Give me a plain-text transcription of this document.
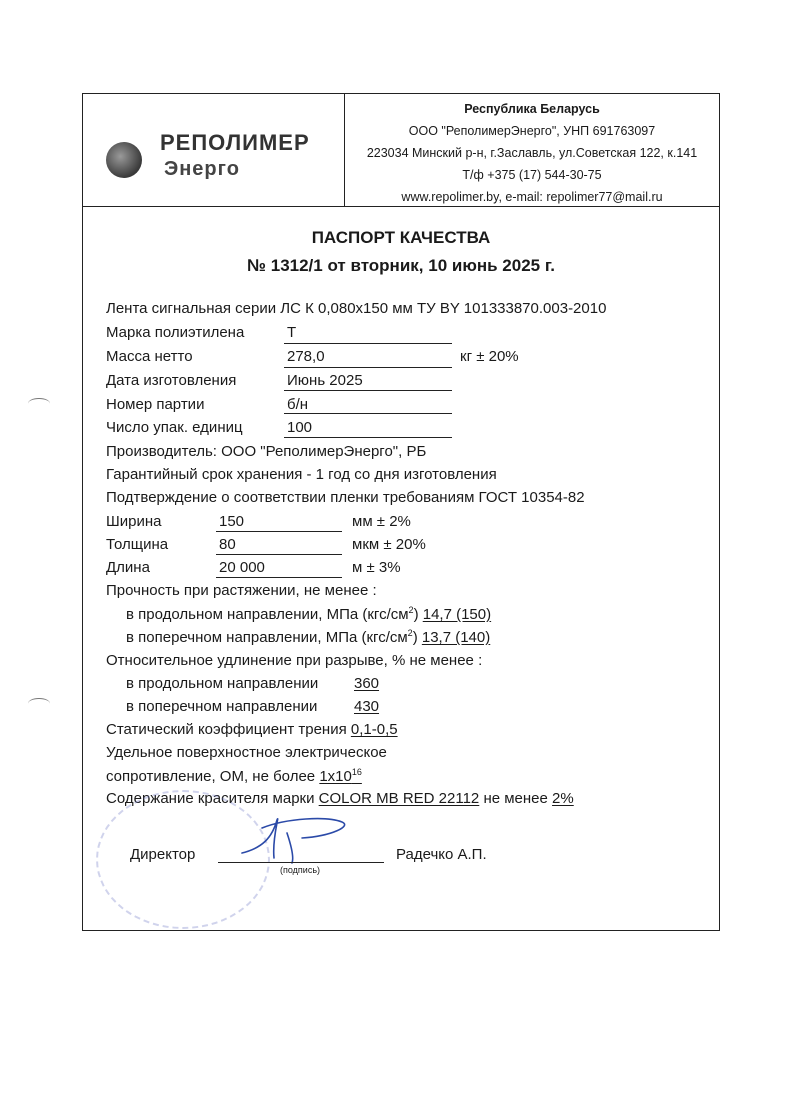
РЕПОЛИМЕР
Энерго
Республика Беларусь
ООО "РеполимерЭнерго", УНП 691763097
223034 Минский р-н, г.Заславль, ул.Советская 122, к.141
Т/ф +375 (17) 544-30-75
www.repolimer.by, e-mail: repolimer77@mail.ru
ПАСПОРТ КАЧЕСТВА
№ 1312/1 от вторник, 10 июнь 2025 г.
Лента сигнальная серии ЛС К 0,080х150 мм ТУ BY 101333870.003-2010
Марка полиэтилена	Т
Масса нетто	278,0	кг ± 20%
Дата изготовления	Июнь 2025
Номер партии	б/н
Число упак. единиц	100
Производитель: ООО "РеполимерЭнерго", РБ
Гарантийный срок хранения - 1 год со дня изготовления
Подтверждение о соответствии пленки требованиям ГОСТ 10354-82
Ширина	150	мм ± 2%
Толщина	80	мкм ± 20%
Длина	20 000	м ± 3%
Прочность при растяжении, не менее :
в продольном направлении, МПа $(кгс/см^2)$ 14,7 (150)
в поперечном направлении, МПа $(кгс/см^2)$ 13,7 (140)
Относительное удлинение при разрыве, % не менее :
в продольном направлении 360
в поперечном направлении 430
Статический коэффициент трения 0,1-0,5
Удельное поверхностное электрическое
сопротивление, ОМ, не более $1х10^{16}$
Содержание красителя марки COLOR MB RED 22112 не менее 2%
Директор
(подпись)
Радечко А.П.
